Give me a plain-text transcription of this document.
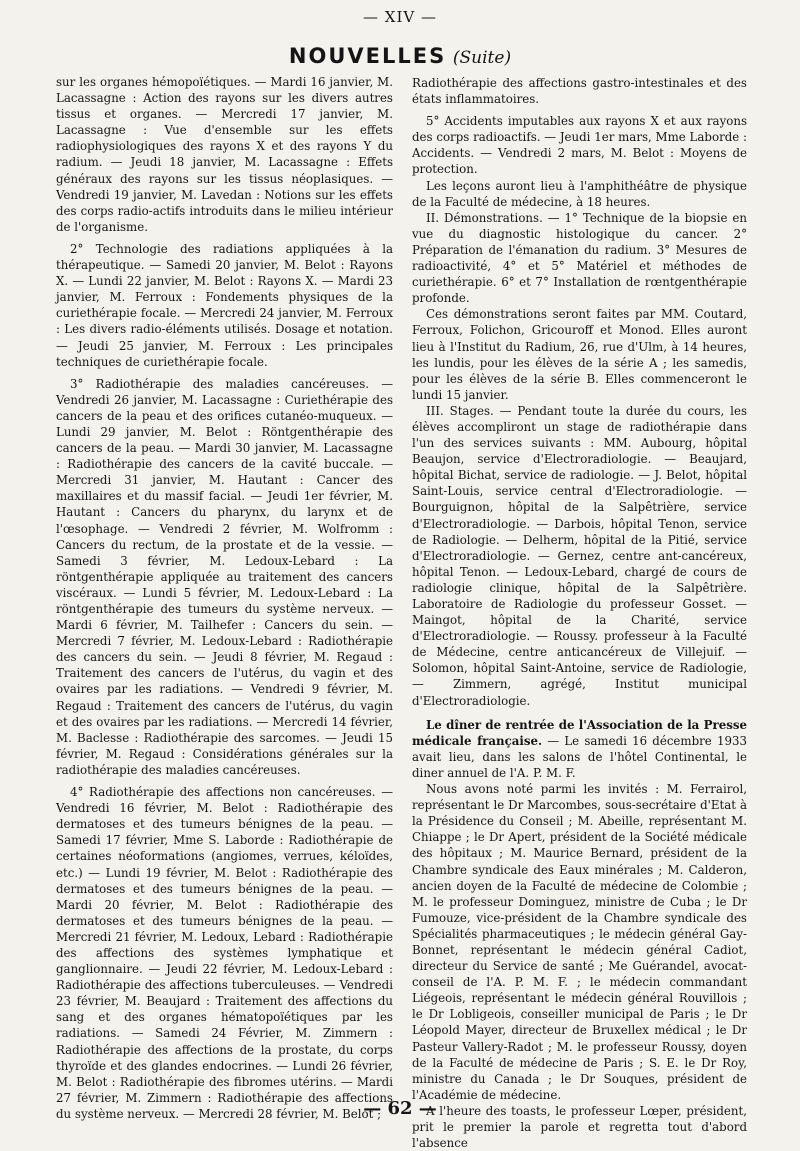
— XIV —
NOUVELLES (Suite)

sur les organes hémopoïétiques. — Mardi 16 janvier, M. Lacassagne : Action des rayons sur les divers autres tissus et organes. — Mercredi 17 janvier, M. Lacassagne : Vue d'ensemble sur les effets radiophysiologiques des rayons X et des rayons Y du radium. — Jeudi 18 janvier, M. Lacassagne : Effets généraux des rayons sur les tissus néoplasiques. — Vendredi 19 janvier, M. Lavedan : Notions sur les effets des corps radio-actifs introduits dans le milieu intérieur de l'organisme.

2° Technologie des radiations appliquées à la thérapeutique. — Samedi 20 janvier, M. Belot : Rayons X. — Lundi 22 janvier, M. Belot : Rayons X. — Mardi 23 janvier, M. Ferroux : Fondements physiques de la curiethérapie focale. — Mercredi 24 janvier, M. Ferroux : Les divers radio-éléments utilisés. Dosage et notation. — Jeudi 25 janvier, M. Ferroux : Les principales techniques de curiethérapie focale.

3° Radiothérapie des maladies cancéreuses. — Vendredi 26 janvier, M. Lacassagne : Curiethérapie des cancers de la peau et des orifices cutanéo-muqueux. — Lundi 29 janvier, M. Belot : Röntgenthérapie des cancers de la peau. — Mardi 30 janvier, M. Lacassagne : Radiothérapie des cancers de la cavité buccale. — Mercredi 31 janvier, M. Hautant : Cancer des maxillaires et du massif facial. — Jeudi 1er février, M. Hautant : Cancers du pharynx, du larynx et de l'œsophage. — Vendredi 2 février, M. Wolfromm : Cancers du rectum, de la prostate et de la vessie. — Samedi 3 février, M. Ledoux-Lebard : La röntgenthérapie appliquée au traitement des cancers viscéraux. — Lundi 5 février, M. Ledoux-Lebard : La röntgenthérapie des tumeurs du système nerveux. — Mardi 6 février, M. Tailhefer : Cancers du sein. — Mercredi 7 février, M. Ledoux-Lebard : Radiothérapie des cancers du sein. — Jeudi 8 février, M. Regaud : Traitement des cancers de l'utérus, du vagin et des ovaires par les radiations. — Vendredi 9 février, M. Regaud : Traitement des cancers de l'utérus, du vagin et des ovaires par les radiations. — Mercredi 14 février, M. Baclesse : Radiothérapie des sarcomes. — Jeudi 15 février, M. Regaud : Considérations générales sur la radiothérapie des maladies cancéreuses.

4° Radiothérapie des affections non cancéreuses. — Vendredi 16 février, M. Belot : Radiothérapie des dermatoses et des tumeurs bénignes de la peau. — Samedi 17 février, Mme S. Laborde : Radiothérapie de certaines néoformations (angiomes, verrues, kéloïdes, etc.) — Lundi 19 février, M. Belot : Radiothérapie des dermatoses et des tumeurs bénignes de la peau. — Mardi 20 février, M. Belot : Radiothérapie des dermatoses et des tumeurs bénignes de la peau. — Mercredi 21 février, M. Ledoux, Lebard : Radiothérapie des affections des systèmes lymphatique et ganglionnaire. — Jeudi 22 février, M. Ledoux-Lebard : Radiothérapie des affections tuberculeuses. — Vendredi 23 février, M. Beaujard : Traitement des affections du sang et des organes hématopoïétiques par les radiations. — Samedi 24 Février, M. Zimmern : Radiothérapie des affections de la prostate, du corps thyroïde et des glandes endocrines. — Lundi 26 février, M. Belot : Radiothérapie des fibromes utérins. — Mardi 27 février, M. Zimmern : Radiothérapie des affections du système nerveux. — Mercredi 28 février, M. Belot ;

Radiothérapie des affections gastro-intestinales et des états inflammatoires.

5° Accidents imputables aux rayons X et aux rayons des corps radioactifs. — Jeudi 1er mars, Mme Laborde : Accidents. — Vendredi 2 mars, M. Belot : Moyens de protection.

Les leçons auront lieu à l'amphithéâtre de physique de la Faculté de médecine, à 18 heures.

II. Démonstrations. — 1° Technique de la biopsie en vue du diagnostic histologique du cancer. 2° Préparation de l'émanation du radium. 3° Mesures de radioactivité, 4° et 5° Matériel et méthodes de curiethérapie. 6° et 7° Installation de rœntgenthérapie profonde.

Ces démonstrations seront faites par MM. Coutard, Ferroux, Folichon, Gricouroff et Monod. Elles auront lieu à l'Institut du Radium, 26, rue d'Ulm, à 14 heures, les lundis, pour les élèves de la série A ; les samedis, pour les élèves de la série B. Elles commenceront le lundi 15 janvier.

III. Stages. — Pendant toute la durée du cours, les élèves accompliront un stage de radiothérapie dans l'un des services suivants : MM. Aubourg, hôpital Beaujon, service d'Electroradiologie. — Beaujard, hôpital Bichat, service de radiologie. — J. Belot, hôpital Saint-Louis, service central d'Electroradiologie. — Bourguignon, hôpital de la Salpêtrière, service d'Electroradiologie. — Darbois, hôpital Tenon, service de Radiologie. — Delherm, hôpital de la Pitié, service d'Electroradiologie. — Gernez, centre ant-cancéreux, hôpital Tenon. — Ledoux-Lebard, chargé de cours de radiologie clinique, hôpital de la Salpêtrière. Laboratoire de Radiologie du professeur Gosset. — Maingot, hôpital de la Charité, service d'Electroradiologie. — Roussy. professeur à la Faculté de Médecine, centre anticancéreux de Villejuif. — Solomon, hôpital Saint-Antoine, service de Radiologie, — Zimmern, agrégé, Institut municipal d'Electroradiologie.

Le dîner de rentrée de l'Association de la Presse médicale française. — Le samedi 16 décembre 1933 avait lieu, dans les salons de l'hôtel Continental, le diner annuel de l'A. P. M. F.

Nous avons noté parmi les invités : M. Ferrairol, représentant le Dr Marcombes, sous-secrétaire d'Etat à la Présidence du Conseil ; M. Abeille, représentant M. Chiappe ; le Dr Apert, président de la Société médicale des hôpitaux ; M. Maurice Bernard, président de la Chambre syndicale des Eaux minérales ; M. Calderon, ancien doyen de la Faculté de médecine de Colombie ; M. le professeur Dominguez, ministre de Cuba ; le Dr Fumouze, vice-président de la Chambre syndicale des Spécialités pharmaceutiques ; le médecin général Gay-Bonnet, représentant le médecin général Cadiot, directeur du Service de santé ; Me Guérandel, avocat-conseil de l'A. P. M. F. ; le médecin commandant Liégeois, représentant le médecin général Rouvillois ; le Dr Lobligeois, conseiller municipal de Paris ; le Dr Léopold Mayer, directeur de Bruxellex médical ; le Dr Pasteur Vallery-Radot ; M. le professeur Roussy, doyen de la Faculté de médecine de Paris ; S. E. le Dr Roy, ministre du Canada ; le Dr Souques, président de l'Académie de médecine.

A l'heure des toasts, le professeur Lœper, président, prit le premier la parole et regretta tout d'abord l'absence

— 62 —
